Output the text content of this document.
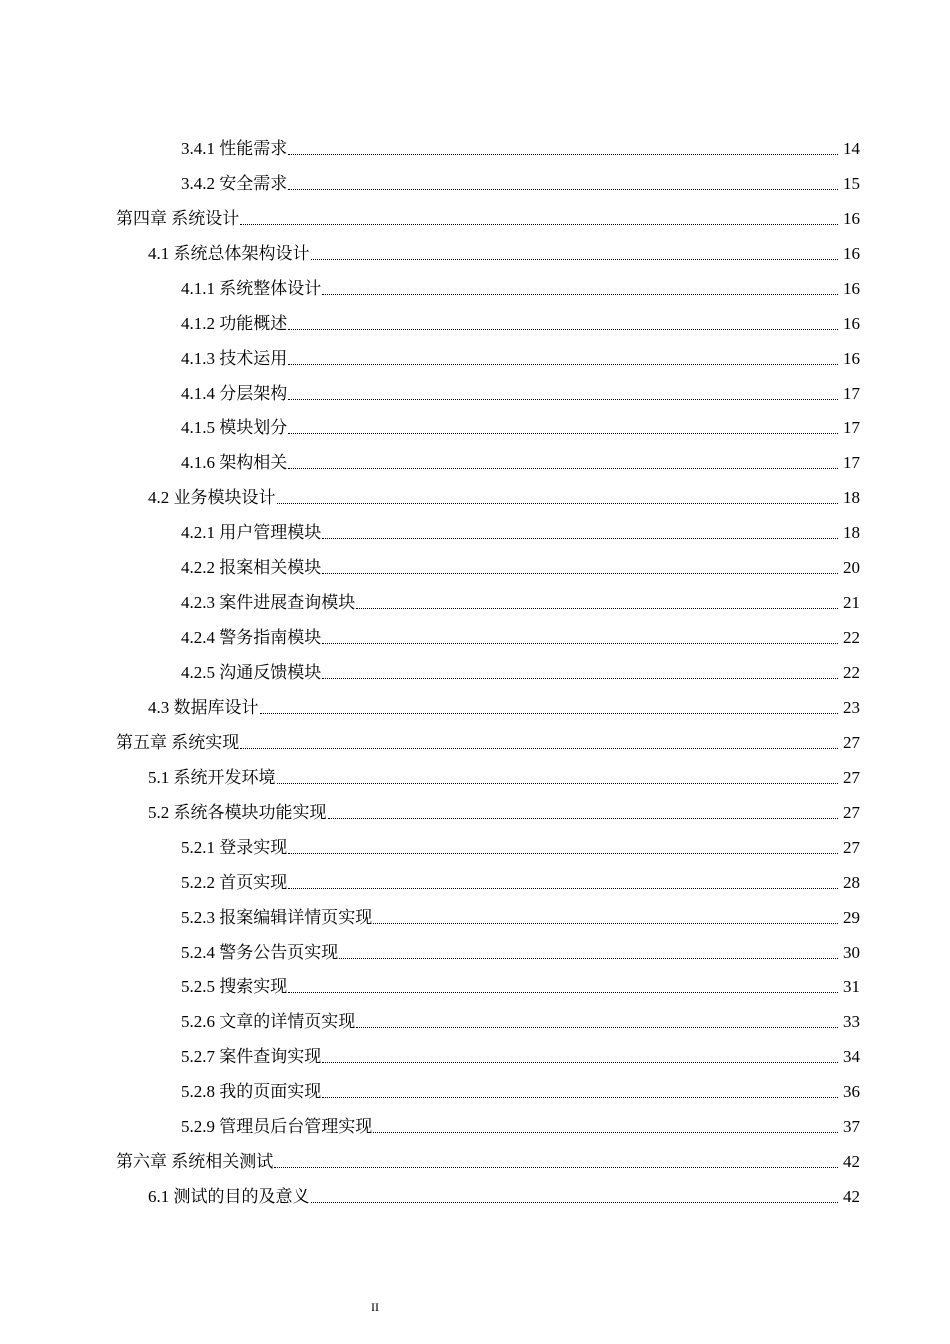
3.4.1 性能需求	14
3.4.2 安全需求	15
第四章 系统设计	16
4.1 系统总体架构设计	16
4.1.1 系统整体设计	16
4.1.2 功能概述	16
4.1.3 技术运用	16
4.1.4 分层架构	17
4.1.5 模块划分	17
4.1.6 架构相关	17
4.2 业务模块设计	18
4.2.1 用户管理模块	18
4.2.2 报案相关模块	20
4.2.3 案件进展查询模块	21
4.2.4 警务指南模块	22
4.2.5 沟通反馈模块	22
4.3 数据库设计	23
第五章 系统实现	27
5.1 系统开发环境	27
5.2 系统各模块功能实现	27
5.2.1 登录实现	27
5.2.2 首页实现	28
5.2.3 报案编辑详情页实现	29
5.2.4 警务公告页实现	30
5.2.5 搜索实现	31
5.2.6 文章的详情页实现	33
5.2.7 案件查询实现	34
5.2.8 我的页面实现	36
5.2.9 管理员后台管理实现	37
第六章 系统相关测试	42
6.1 测试的目的及意义	42
II
